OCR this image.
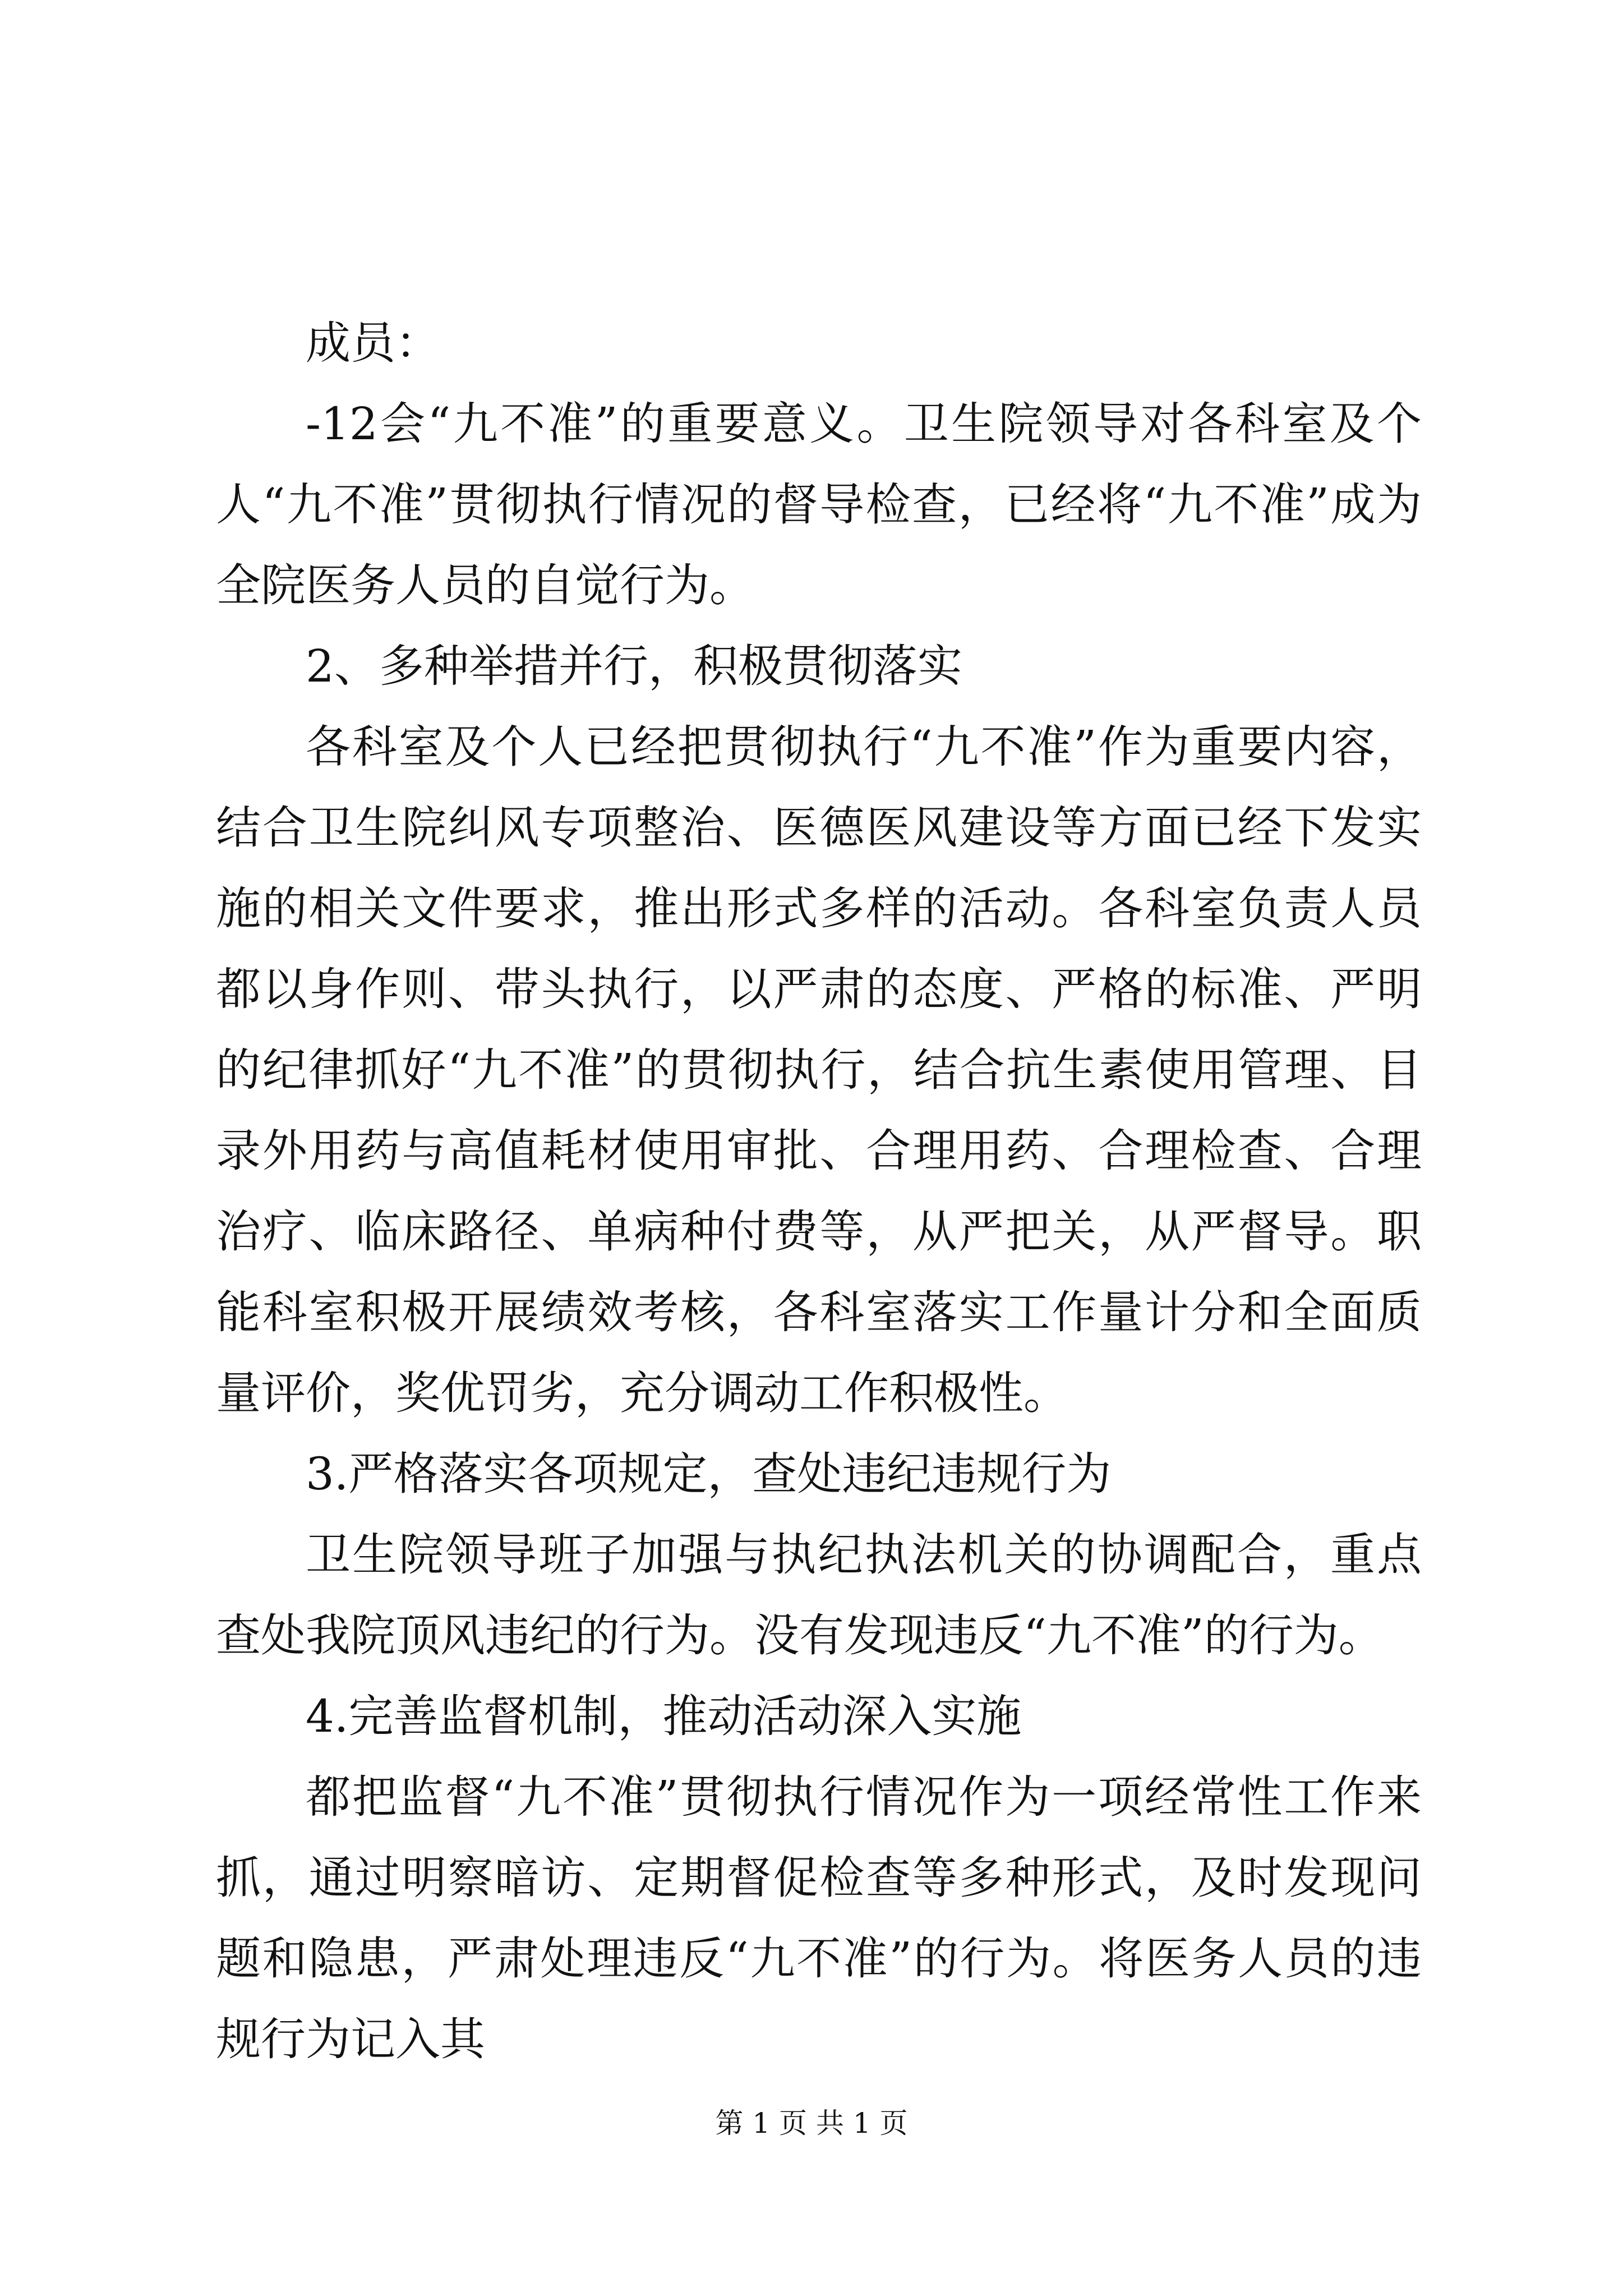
成员：

-12会“九不准”的重要意义。卫生院领导对各科室及个人“九不准”贯彻执行情况的督导检查，已经将“九不准”成为全院医务人员的自觉行为。

2、多种举措并行，积极贯彻落实

各科室及个人已经把贯彻执行“九不准”作为重要内容，结合卫生院纠风专项整治、医德医风建设等方面已经下发实施的相关文件要求，推出形式多样的活动。各科室负责人员都以身作则、带头执行，以严肃的态度、严格的标准、严明的纪律抓好“九不准”的贯彻执行，结合抗生素使用管理、目录外用药与高值耗材使用审批、合理用药、合理检查、合理治疗、临床路径、单病种付费等，从严把关，从严督导。职能科室积极开展绩效考核，各科室落实工作量计分和全面质量评价，奖优罚劣，充分调动工作积极性。

3.严格落实各项规定，查处违纪违规行为

卫生院领导班子加强与执纪执法机关的协调配合，重点查处我院顶风违纪的行为。没有发现违反“九不准”的行为。

4.完善监督机制，推动活动深入实施

都把监督“九不准”贯彻执行情况作为一项经常性工作来抓，通过明察暗访、定期督促检查等多种形式，及时发现问题和隐患，严肃处理违反“九不准”的行为。将医务人员的违规行为记入其

第 1 页 共 1 页
